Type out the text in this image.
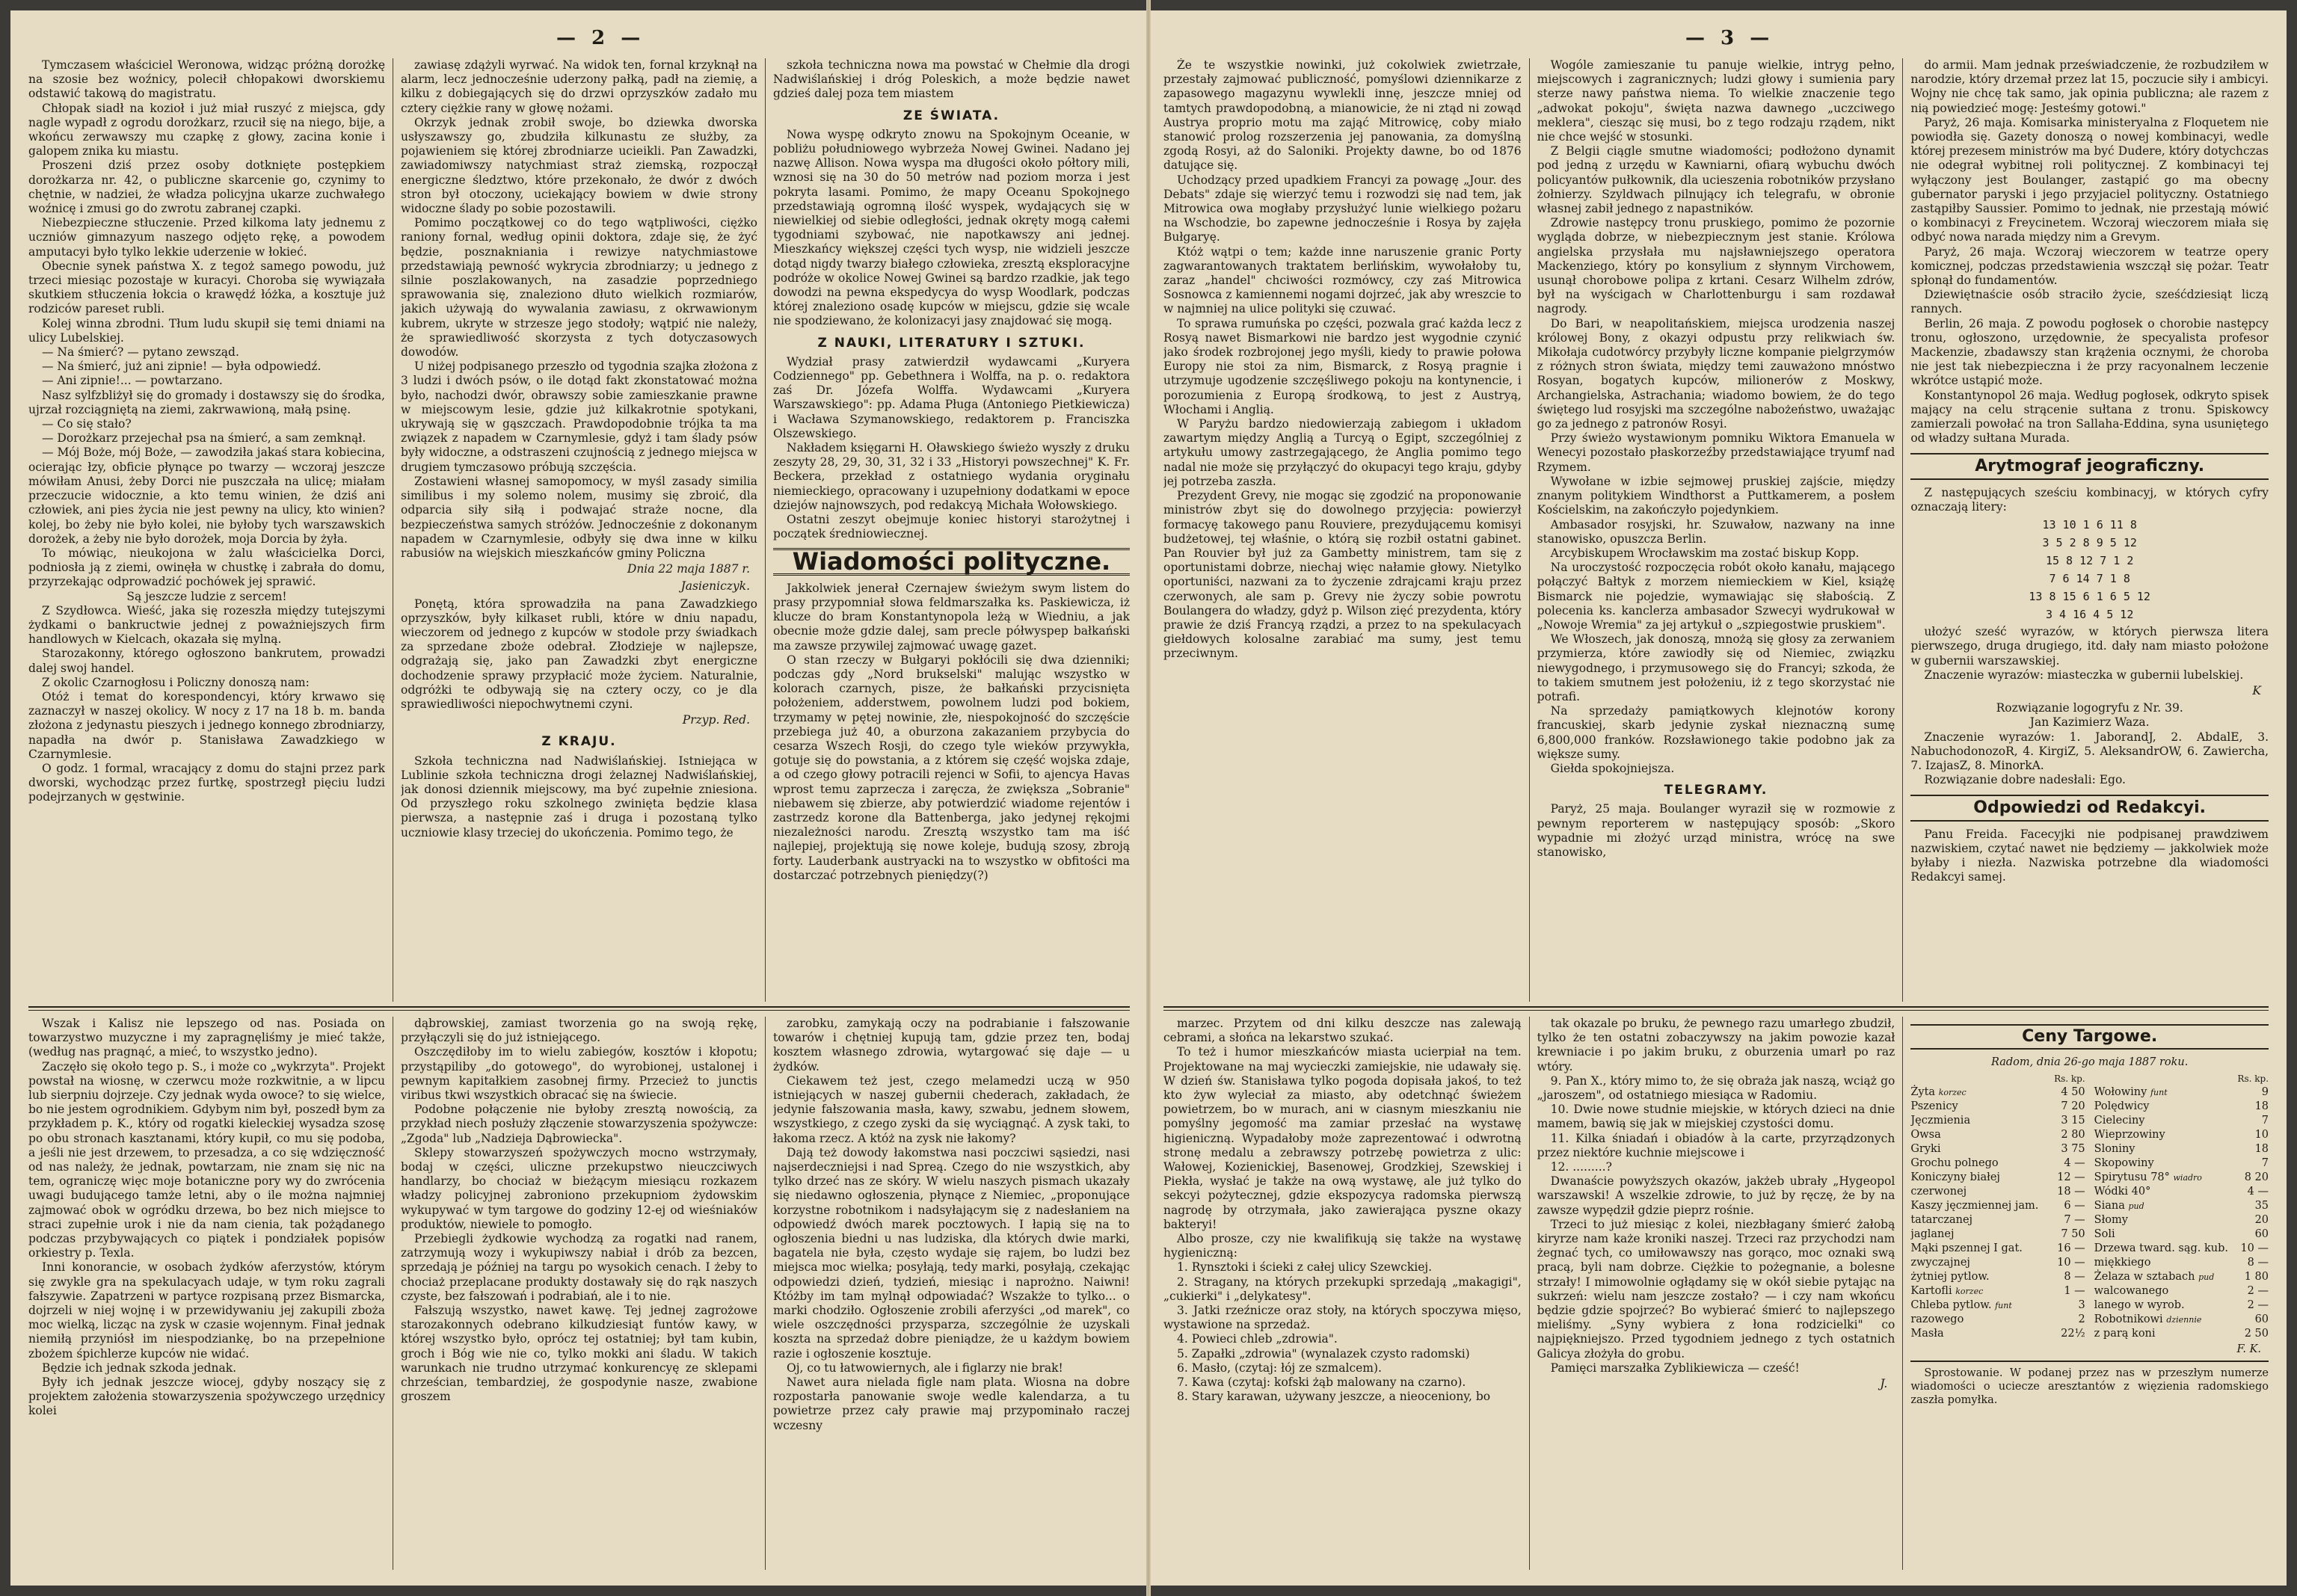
— 2 —

Tymczasem właściciel Weronowa, widząc próżną dorożkę na szosie bez woźnicy, polecił chłopakowi dworskiemu odstawić takową do magistratu.

Chłopak siadł na kozioł i już miał ruszyć z miejsca, gdy nagle wypadł z ogrodu dorożkarz, rzucił się na niego, bije, a wkońcu zerwawszy mu czapkę z głowy, zacina konie i galopem znika ku miastu.

Proszeni dziś przez osoby dotknięte postępkiem dorożkarza nr. 42, o publiczne skarcenie go, czynimy to chętnie, w nadziei, że władza policyjna ukarze zuchwałego woźnicę i zmusi go do zwrotu zabranej czapki.

Niebezpieczne stłuczenie. Przed kilkoma laty jednemu z uczniów gimnazyum naszego odjęto rękę, a powodem amputacyi było tylko lekkie uderzenie w łokieć.

Obecnie synek państwa X. z tegoż samego powodu, już trzeci miesiąc pozostaje w kuracyi. Choroba się wywiązała skutkiem stłuczenia łokcia o krawędź łóżka, a kosztuje już rodziców pareset rubli.

Kolej winna zbrodni. Tłum ludu skupił się temi dniami na ulicy Lubelskiej.

— Na śmierć? — pytano zewsząd.

— Na śmierć, już ani zipnie! — była odpowiedź.

— Ani zipnie!... — powtarzano.

Nasz sylfzbliżył się do gromady i dostawszy się do środka, ujrzał rozciągniętą na ziemi, zakrwawioną, małą psinę.

— Co się stało?

— Dorożkarz przejechał psa na śmierć, a sam zemknął.

— Mój Boże, mój Boże, — zawodziła jakaś stara kobiecina, ocierając łzy, obficie płynące po twarzy — wczoraj jeszcze mówiłam Anusi, żeby Dorci nie puszczała na ulicę; miałam przeczucie widocznie, a kto temu winien, że dziś ani człowiek, ani pies życia nie jest pewny na ulicy, kto winien? kolej, bo żeby nie było kolei, nie byłoby tych warszawskich dorożek, a żeby nie było dorożek, moja Dorcia by żyła.

To mówiąc, nieukojona w żalu właścicielka Dorci, podniosła ją z ziemi, owinęła w chustkę i zabrała do domu, przyrzekając odprowadzić pochówek jej sprawić.

Są jeszcze ludzie z sercem!

Z Szydłowca. Wieść, jaka się rozeszła między tutejszymi żydkami o bankructwie jednej z poważniejszych firm handlowych w Kielcach, okazała się mylną.

Starozakonny, którego ogłoszono bankrutem, prowadzi dalej swoj handel.

Z okolic Czarnogłosu i Policzny donoszą nam:

Otóż i temat do korespondencyi, który krwawo się zaznaczył w naszej okolicy. W nocy z 17 na 18 b. m. banda złożona z jedynastu pieszych i jednego konnego zbrodniarzy, napadła na dwór p. Stanisława Zawadzkiego w Czarnymlesie.

O godz. 1 formal, wracający z domu do stajni przez park dworski, wychodząc przez furtkę, spostrzegł pięciu ludzi podejrzanych w gęstwinie.

zawiasę zdążyli wyrwać. Na widok ten, fornal krzyknął na alarm, lecz jednocześnie uderzony pałką, padł na ziemię, a kilku z dobiegających się do drzwi oprzyszków zadało mu cztery ciężkie rany w głowę nożami.

Okrzyk jednak zrobił swoje, bo dziewka dworska usłyszawszy go, zbudziła kilkunastu ze służby, za pojawieniem się której zbrodniarze ucieikli. Pan Zawadzki, zawiadomiwszy natychmiast straż ziemską, rozpoczął energiczne śledztwo, które przekonało, że dwór z dwóch stron był otoczony, uciekający bowiem w dwie strony widoczne ślady po sobie pozostawili.

Pomimo początkowej co do tego wątpliwości, ciężko raniony fornal, według opinii doktora, zdaje się, że żyć będzie, posznakniania i rewizye natychmiastowe przedstawiają pewność wykrycia zbrodniarzy; u jednego z silnie poszlakowanych, na zasadzie poprzedniego sprawowania się, znaleziono dłuto wielkich rozmiarów, jakich używają do wywalania zawiasu, z okrwawionym kubrem, ukryte w strzesze jego stodoły; wątpić nie należy, że sprawiedliwość skorzysta z tych dotyczasowych dowodów.

U niżej podpisanego przeszło od tygodnia szajka złożona z 3 ludzi i dwóch psów, o ile dotąd fakt zkonstatować można było, nachodzi dwór, obrawszy sobie zamieszkanie prawne w miejscowym lesie, gdzie już kilkakrotnie spotykani, ukrywają się w gąszczach. Prawdopodobnie trójka ta ma związek z napadem w Czarnymlesie, gdyż i tam ślady psów były widoczne, a odstraszeni czujnością z jednego miejsca w drugiem tymczasowo próbują szczęścia.

Zostawieni własnej samopomocy, w myśl zasady similia similibus i my solemo nolem, musimy się zbroić, dla odparcia siły siłą i podwajać straże nocne, dla bezpieczeństwa samych stróżów. Jednocześnie z dokonanym napadem w Czarnymlesie, odbyły się dwa inne w kilku rabusiów na wiejskich mieszkańców gminy Policzna

Dnia 22 maja 1887 r.
Jasieniczyk.

Ponętą, która sprowadziła na pana Zawadzkiego oprzyszków, były kilkaset rubli, które w dniu napadu, wieczorem od jednego z kupców w stodole przy świadkach za sprzedane zboże odebrał. Złodzieje w najlepsze, odgrażają się, jako pan Zawadzki zbyt energiczne dochodzenie sprawy przypłacić może życiem. Naturalnie, odgróżki te odbywają się na cztery oczy, co je dla sprawiedliwości niepochwytnemi czyni.

Przyp. Red.
Z KRAJU.

Szkoła techniczna nad Nadwiślańskiej. Istniejąca w Lublinie szkoła techniczna drogi żelaznej Nadwiślańskiej, jak donosi dziennik miejscowy, ma być zupełnie zniesiona. Od przyszłego roku szkolnego zwinięta będzie klasa pierwsza, a następnie zaś i druga i pozostaną tylko uczniowie klasy trzeciej do ukończenia. Pomimo tego, że

szkoła techniczna nowa ma powstać w Chełmie dla drogi Nadwiślańskiej i dróg Poleskich, a może będzie nawet gdzieś dalej poza tem miastem

ZE ŚWIATA.

Nowa wyspę odkryto znowu na Spokojnym Oceanie, w pobliżu południowego wybrzeża Nowej Gwinei. Nadano jej nazwę Allison. Nowa wyspa ma długości około półtory mili, wznosi się na 30 do 50 metrów nad poziom morza i jest pokryta lasami. Pomimo, że mapy Oceanu Spokojnego przedstawiają ogromną ilość wyspek, wydających się w niewielkiej od siebie odległości, jednak okręty mogą całemi tygodniami szybować, nie napotkawszy ani jednej. Mieszkańcy większej części tych wysp, nie widzieli jeszcze dotąd nigdy twarzy białego człowieka, zresztą eksploracyjne podróże w okolice Nowej Gwinei są bardzo rzadkie, jak tego dowodzi na pewna ekspedycya do wysp Woodlark, podczas której znaleziono osadę kupców w miejscu, gdzie się wcale nie spodziewano, że kolonizacyi jasy znajdować się mogą.

Z NAUKI, LITERATURY I SZTUKI.

Wydział prasy zatwierdził wydawcami „Kuryera Codziennego" pp. Gebethnera i Wolffa, na p. o. redaktora zaś Dr. Józefa Wolffa. Wydawcami „Kuryera Warszawskiego": pp. Adama Pługa (Antoniego Pietkiewicza) i Wacława Szymanowskiego, redaktorem p. Franciszka Olszewskiego.

Nakładem księgarni H. Oławskiego świeżo wyszły z druku zeszyty 28, 29, 30, 31, 32 i 33 „Historyi powszechnej" K. Fr. Beckera, przekład z ostatniego wydania oryginału niemieckiego, opracowany i uzupełniony dodatkami w epoce dziejów najnowszych, pod redakcyą Michała Wołowskiego.

Ostatni zeszyt obejmuje koniec historyi starożytnej i początek średniowiecznej.

Wiadomości polityczne.

Jakkolwiek jenerał Czernajew świeżym swym listem do prasy przypomniał słowa feldmarszałka ks. Paskiewicza, iż klucze do bram Konstantynopola leżą w Wiedniu, a jak obecnie może gdzie dalej, sam precle półwyspep bałkański ma zawsze przywilej zajmować uwagę gazet.

O stan rzeczy w Bułgaryi pokłócili się dwa dzienniki; podczas gdy „Nord brukselski" malując wszystko w kolorach czarnych, pisze, że bałkański przycisnięta położeniem, adderstwem, powolnem ludzi pod bokiem, trzymamy w pętej nowinie, złe, niespokojność do szczęście przebiega już 40, a oburzona zakazaniem przybycia do cesarza Wszech Rosji, do czego tyle wieków przywykła, gotuje się do powstania, a z którem się część wojska zdaje, a od czego głowy potracili rejenci w Sofii, to ajencya Havas wprost temu zaprzecza i zaręcza, że zwiększa „Sobranie" niebawem się zbierze, aby potwierdzić wiadome rejentów i zastrzedz korone dla Battenberga, jako jedynej rękojmi niezależności narodu. Zresztą wszystko tam ma iść najlepiej, projektują się nowe koleje, budują szosy, zbroją forty. Lauderbank austryacki na to wszystko w obfitości ma dostarczać potrzebnych pieniędzy(?)

Wszak i Kalisz nie lepszego od nas. Posiada on towarzystwo muzyczne i my zapragnęliśmy je mieć także, (według nas pragnąć, a mieć, to wszystko jedno).

Zaczęło się około tego p. S., i może co „wykrzyta". Projekt powstał na wiosnę, w czerwcu może rozkwitnie, a w lipcu lub sierpniu dojrzeje. Czy jednak wyda owoce? to się wielce, bo nie jestem ogrodnikiem. Gdybym nim był, poszedł bym za przykładem p. K., który od rogatki kieleckiej wysadza szosę po obu stronach kasztanami, który kupił, co mu się podoba, a jeśli nie jest drzewem, to przesadza, a co się wdzięczność od nas należy, że jednak, powtarzam, nie znam się nic na tem, ograniczę więc moje botaniczne pory wy do zwrócenia uwagi budującego tamże letni, aby o ile można najmniej zajmować obok w ogródku drzewa, bo bez nich miejsce to straci zupełnie urok i nie da nam cienia, tak pożądanego podczas przybywających co piątek i pondziałek popisów orkiestry p. Texla.

Inni konorancie, w osobach żydków aferzystów, którym się zwykle gra na spekulacyach udaje, w tym roku zagrali fałszywie. Zapatrzeni w partyce rozpisaną przez Bismarcka, dojrzeli w niej wojnę i w przewidywaniu jej zakupili zboża moc wielką, licząc na zysk w czasie wojennym. Finał jednak niemiłą przyniósł im niespodziankę, bo na przepełnione zbożem śpichlerze kupców nie widać.

Będzie ich jednak szkoda jednak.

Były ich jednak jeszcze wiocej, gdyby noszący się z projektem założenia stowarzyszenia spożywczego urzędnicy kolei

dąbrowskiej, zamiast tworzenia go na swoją rękę, przyłączyli się do już istniejącego.

Oszczędiłoby im to wielu zabiegów, kosztów i kłopotu; przystąpiliby „do gotowego", do wyrobionej, ustalonej i pewnym kapitałkiem zasobnej firmy. Przecież to junctis viribus tkwi wszystkich obracać się na świecie.

Podobne połączenie nie byłoby zresztą nowością, za przykład niech posłuży złączenie stowarzyszenia spożywcze: „Zgoda" lub „Nadzieja Dąbrowiecka".

Sklepy stowarzyszeń spożywczych mocno wstrzymały, bodaj w części, uliczne przekupstwo nieuczciwych handlarzy, bo chociaż w bieżącym miesiącu rozkazem władzy policyjnej zabroniono przekupniom żydowskim wykupywać w tym targowe do godziny 12-ej od wieśniaków produktów, niewiele to pomogło.

Przebiegli żydkowie wychodzą za rogatki nad ranem, zatrzymują wozy i wykupiwszy nabiał i drób za bezcen, sprzedają je później na targu po wysokich cenach. I żeby to chociaż przeplacane produkty dostawały się do rąk naszych czyste, bez fałszowań i podrabiań, ale i to nie.

Fałszują wszystko, nawet kawę. Tej jednej zagrożowe starozakonnych odebrano kilkudziesiąt funtów kawy, w której wszystko było, oprócz tej ostatniej; był tam kubin, groch i Bóg wie nie co, tylko mokki ani śladu. W takich warunkach nie trudno utrzymać konkurencyę ze sklepami chrześcian, tembardziej, że gospodynie nasze, zwabione groszem

zarobku, zamykają oczy na podrabianie i fałszowanie towarów i chętniej kupują tam, gdzie przez ten, bodaj kosztem własnego zdrowia, wytargować się daje — u żydków.

Ciekawem też jest, czego melamedzi uczą w 950 istniejących w naszej gubernii chederach, zakładach, że jedynie fałszowania masła, kawy, szwabu, jednem słowem, wszystkiego, z czego zyski da się wyciągnąć. A zysk taki, to łakoma rzecz. A któż na zysk nie łakomy?

Dają też dowody łakomstwa nasi poczciwi sąsiedzi, nasi najserdeczniejsi i nad Spreą. Czego do nie wszystkich, aby tylko drzeć nas ze skóry. W wielu naszych pismach ukazały się niedawno ogłoszenia, płynące z Niemiec, „proponujące korzystne robotnikom i nadsyłającym się z nadesłaniem na odpowiedź dwóch marek pocztowych. I łapią się na to ogłoszenia biedni u nas ludziska, dla których dwie marki, bagatela nie była, często wydaje się rajem, bo ludzi bez miejsca moc wielka; posyłają, tedy marki, posyłają, czekając odpowiedzi dzień, tydzień, miesiąc i naprożno. Naiwni! Któżby im tam mylnął odpowiadać? Wszakże to tylko... o marki chodziło. Ogłoszenie zrobili aferzyści „od marek", co wiele oszczędności przysparza, szczególnie że uzyskali koszta na sprzedaż dobre pieniądze, że u każdym bowiem razie i ogłoszenie kosztuje.

Oj, co tu łatwowiernych, ale i figlarzy nie brak!

Nawet aura nielada figle nam plata. Wiosna na dobre rozpostarła panowanie swoje wedle kalendarza, a tu powietrze przez cały prawie maj przypominało raczej wczesny

— 3 —

Że te wszystkie nowinki, już cokolwiek zwietrzałe, przestały zajmować publiczność, pomyślowi dziennikarze z zapasowego magazynu wywlekli innę, jeszcze mniej od tamtych prawdopodobną, a mianowicie, że ni ztąd ni zowąd Austrya proprio motu ma zająć Mitrowicę, coby miało stanowić prolog rozszerzenia jej panowania, za domyślną zgodą Rosyi, aż do Saloniki. Projekty dawne, bo od 1876 datujące się.

Uchodzący przed upadkiem Francyi za powagę „Jour. des Debats" zdaje się wierzyć temu i rozwodzi się nad tem, jak Mitrowica owa mogłaby przysłużyć lunie wielkiego pożaru na Wschodzie, bo zapewne jednocześnie i Rosya by zajęła Bułgaryę.

Któż wątpi o tem; każde inne naruszenie granic Porty zagwarantowanych traktatem berlińskim, wywołałoby tu, zaraz „handel" chciwości rozmówcy, czy zaś Mitrowica Sosnowca z kamiennemi nogami dojrzeć, jak aby wreszcie to w najmniej na ulice polityki się czuwać.

To sprawa rumuńska po części, pozwala grać każda lecz z Rosyą nawet Bismarkowi nie bardzo jest wygodnie czynić jako środek rozbrojonej jego myśli, kiedy to prawie połowa Europy nie stoi za nim, Bismarck, z Rosyą pragnie i utrzymuje ugodzenie szczęśliwego pokoju na kontynencie, i porozumienia z Europą środkową, to jest z Austryą, Włochami i Anglią.

W Paryżu bardzo niedowierzają zabiegom i układom zawartym między Anglią a Turcyą o Egipt, szczególniej z artykułu umowy zastrzegającego, że Anglia pomimo tego nadal nie może się przyłączyć do okupacyi tego kraju, gdyby jej potrzeba zaszła.

Prezydent Grevy, nie mogąc się zgodzić na proponowanie ministrów zbyt się do dowolnego przyjęcia: powierzył formacyę takowego panu Rouviere, prezydującemu komisyi budżetowej, tej właśnie, o którą się rozbił ostatni gabinet. Pan Rouvier był już za Gambetty ministrem, tam się z oportunistami dobrze, niechaj więc nałamie głowy. Nietylko oportuniści, nazwani za to życzenie zdrajcami kraju przez czerwonych, ale sam p. Grevy nie życzy sobie powrotu Boulangera do władzy, gdyż p. Wilson zięć prezydenta, który prawie że dziś Francyą rządzi, a przez to na spekulacyach giełdowych kolosalne zarabiać ma sumy, jest temu przeciwnym.

Wogóle zamieszanie tu panuje wielkie, intryg pełno, miejscowych i zagranicznych; ludzi głowy i sumienia pary sterze nawy państwa niema. To wielkie znaczenie tego „adwokat pokoju", święta nazwa dawnego „uczciwego meklera", ciesząc się musi, bo z tego rodzaju rządem, nikt nie chce wejść w stosunki.

Z Belgii ciągle smutne wiadomości; podłożono dynamit pod jedną z urzędu w Kawniarni, ofiarą wybuchu dwóch policyantów pułkownik, dla ucieszenia robotników przysłano żołnierzy. Szyldwach pilnujący ich telegrafu, w obronie własnej zabił jednego z napastników.

Zdrowie następcy tronu pruskiego, pomimo że pozornie wygląda dobrze, w niebezpiecznym jest stanie. Królowa angielska przysłała mu najsławniejszego operatora Mackenziego, który po konsylium z słynnym Virchowem, usunął chorobowe polipa z krtani. Cesarz Wilhelm zdrów, był na wyścigach w Charlottenburgu i sam rozdawał nagrody.

Do Bari, w neapolitańskiem, miejsca urodzenia naszej królowej Bony, z okazyi odpustu przy relikwiach św. Mikołaja cudotwórcy przybyły liczne kompanie pielgrzymów z różnych stron świata, między temi zauważono mnóstwo Rosyan, bogatych kupców, milionerów z Moskwy, Archangielska, Astrachania; wiadomo bowiem, że do tego świętego lud rosyjski ma szczególne nabożeństwo, uważając go za jednego z patronów Rosyi.

Przy świeżo wystawionym pomniku Wiktora Emanuela w Wenecyi pozostało płaskorzeźby przedstawiające tryumf nad Rzymem.

Wywołane w izbie sejmowej pruskiej zajście, między znanym politykiem Windthorst a Puttkamerem, a posłem Kościelskim, na zakończyło pojedynkiem.

Ambasador rosyjski, hr. Szuwałow, nazwany na inne stanowisko, opuszcza Berlin.

Arcybiskupem Wrocławskim ma zostać biskup Kopp.

Na uroczystość rozpoczęcia robót około kanału, mającego połączyć Bałtyk z morzem niemieckiem w Kiel, książę Bismarck nie pojedzie, wymawiając się słabością. Z polecenia ks. kanclerza ambasador Szwecyi wydrukował w „Nowoje Wremia" za jej artykuł o „szpiegostwie pruskiem".

We Włoszech, jak donoszą, mnożą się głosy za zerwaniem przymierza, które zawiodły się od Niemiec, związku niewygodnego, i przymusowego się do Francyi; szkoda, że to takiem smutnem jest położeniu, iż z tego skorzystać nie potrafi.

Na sprzedaży pamiątkowych klejnotów korony francuskiej, skarb jedynie zyskał nieznaczną sumę 6,800,000 franków. Rozsławionego takie podobno jak za większe sumy.

Giełda spokojniejsza.

TELEGRAMY.

Paryż, 25 maja. Boulanger wyraził się w rozmowie z pewnym reporterem w następujący sposób: „Skoro wypadnie mi złożyć urząd ministra, wrócę na swe stanowisko,

do armii. Mam jednak przeświadczenie, że rozbudziłem w narodzie, który drzemał przez lat 15, poczucie siły i ambicyi. Wojny nie chcę tak samo, jak opinia publiczna; ale razem z nią powiedzieć mogę: Jesteśmy gotowi."

Paryż, 26 maja. Komisarka ministeryalna z Floquetem nie powiodła się. Gazety donoszą o nowej kombinacyi, wedle której prezesem ministrów ma być Dudere, który dotychczas nie odegrał wybitnej roli politycznej. Z kombinacyi tej wyłączony jest Boulanger, zastąpić go ma obecny gubernator paryski i jego przyjaciel polityczny. Ostatniego zastąpiłby Saussier. Pomimo to jednak, nie przestają mówić o kombinacyi z Freycinetem. Wczoraj wieczorem miała się odbyć nowa narada między nim a Grevym.

Paryż, 26 maja. Wczoraj wieczorem w teatrze opery komicznej, podczas przedstawienia wszczął się pożar. Teatr spłonął do fundamentów.

Dziewiętnaście osób straciło życie, sześćdziesiąt liczą rannych.

Berlin, 26 maja. Z powodu pogłosek o chorobie następcy tronu, ogłoszono, urzędownie, że specyalista profesor Mackenzie, zbadawszy stan krążenia ocznymi, że choroba nie jest tak niebezpieczna i że przy racyonalnem leczenie wkrótce ustąpić może.

Konstantynopol 26 maja. Według pogłosek, odkryto spisek mający na celu strącenie sułtana z tronu. Spiskowcy zamierzali powołać na tron Sallaha-Eddina, syna usuniętego od władzy sułtana Murada.

Arytmograf jeograficzny.

Z następujących sześciu kombinacyj, w których cyfry oznaczają litery:

13 10 1 6 11 8
3 5 2 8 9 5 12
15 8 12 7 1 2
7 6 14 7 1 8
13 8 15 6 1 6 5 12
3 4 16 4 5 12

ułożyć sześć wyrazów, w których pierwsza litera pierwszego, druga drugiego, itd. dały nam miasto położone w gubernii warszawskiej.

Znaczenie wyrazów: miasteczka w gubernii lubelskiej.

K
Rozwiązanie logogryfu z Nr. 39.
Jan Kazimierz Waza.

Znaczenie wyrazów: 1. JaborandJ, 2. AbdalE, 3. NabuchodonozoR, 4. KirgiZ, 5. AleksandrOW, 6. Zawiercha, 7. IzajasZ, 8. MinorkA.

Rozwiązanie dobre nadesłali: Ego.

Odpowiedzi od Redakcyi.

Panu Freida. Facecyjki nie podpisanej prawdziwem nazwiskiem, czytać nawet nie będziemy — jakkolwiek może byłaby i niezła. Nazwiska potrzebne dla wiadomości Redakcyi samej.

marzec. Przytem od dni kilku deszcze nas zalewają cebrami, a słońca na lekarstwo szukać.

To też i humor mieszkańców miasta ucierpiał na tem. Projektowane na maj wycieczki zamiejskie, nie udawały się. W dzień św. Stanisława tylko pogoda dopisała jakoś, to też kto żyw wyleciał za miasto, aby odetchnąć świeżem powietrzem, bo w murach, ani w ciasnym mieszkaniu nie pomyślny jegomość ma zamiar przesłać na wystawę higieniczną. Wypadałoby może zaprezentować i odwrotną stronę medalu a zebrawszy potrzebę powietrza z ulic: Wałowej, Kozienickiej, Basenowej, Grodzkiej, Szewskiej i Piekła, wysłać je także na ową wystawę, ale już tylko do sekcyi pożytecznej, gdzie ekspozycya radomska pierwszą nagrodę by otrzymała, jako zawierająca pyszne okazy bakteryi!

Albo prosze, czy nie kwalifikują się także na wystawę hygieniczną:

1. Rynsztoki i ścieki z całej ulicy Szewckiej.

2. Stragany, na których przekupki sprzedają „makagigi", „cukierki" i „delykatesy".

3. Jatki rzeźnicze oraz stoły, na których spoczywa mięso, wystawione na sprzedaż.

4. Powieci chleb „zdrowia".

5. Zapałki „zdrowia" (wynalazek czysto radomski)

6. Masło, (czytaj: łój ze szmalcem).

7. Kawa (czytaj: kofski żąb malowany na czarno).

8. Stary karawan, używany jeszcze, a nieoceniony, bo

tak okazale po bruku, że pewnego razu umarłego zbudził, tylko że ten ostatni zobaczywszy na jakim powozie kazał krewniacie i po jakim bruku, z oburzenia umarł po raz wtóry.

9. Pan X., który mimo to, że się obraża jak naszą, wciąż go „jaroszem", od ostatniego miesiąca w Radomiu.

10. Dwie nowe studnie miejskie, w których dzieci na dnie mamem, bawią się jak w miejskiej czystości domu.

11. Kilka śniadań i obiadów à la carte, przyrządzonych przez niektóre kuchnie miejscowe i

12. .........?

Dwanaście powyższych okazów, jakżeb ubrały „Hygeopol warszawski! A wszelkie zdrowie, to już by ręczę, że by na zawsze wypędził gdzie pieprz rośnie.

Trzeci to już miesiąc z kolei, niezbłagany śmierć żałobą kiryrze nam każe kroniki naszej. Trzeci raz przychodzi nam żegnać tych, co umiłowawszy nas gorąco, moc oznaki swą pracą, byli nam dobrze. Ciężkie to pożegnanie, a bolesne strzały! I mimowolnie ogłądamy się w okół siebie pytając na sukrzeń: wielu nam jeszcze zostało? — i czy nam wkońcu będzie gdzie spojrzeć? Bo wybierać śmierć to najlepszego mieliśmy. „Syny wybiera z łona rodzicielki" co najpiękniejszo. Przed tygodniem jednego z tych ostatnich Galicya złożyła do grobu.

Pamięci marszałka Zyblikiewicza — cześć!

J.
Ceny Targowe.
Radom, dnia 26-go maja 1887 roku.
Rs. kp.
Żyta korzec	4 50
Pszenicy	7 20
Jęczmienia	3 15
Owsa	2 80
Gryki	3 75
Grochu polnego	4 —
Koniczyny białej	12 —
czerwonej	18 —
Kaszy jęczmiennej jam. 6 —
tatarczanej	7 —
jaglanej	7 50
Mąki pszennej I gat.	16 —
zwyczajnej	10 —
żytniej pytlow.	8 —
Kartofli korzec	1 —
Chleba pytlow. funt	3
razowego	2
Masła	22½
Rs. kp.
Wołowiny funt	9
Polędwicy	18
Cieleciny	7
Wieprzowiny	10
Sloniny	18
Skopowiny	7
Spirytusu 78° wiadro	8 20
Wódki 40°	4 —
Siana pud	35
Słomy	20
Soli	60
Drzewa tward. sąg. kub. 10 —
miękkiego	8 —
Żelaza w sztabach pud	1 80
walcowanego	2 —
lanego w wyrob.	2 —
Robotnikowi dziennie	60
z parą koni	2 50
F. K.

Sprostowanie. W podanej przez nas w przeszłym numerze wiadomości o uciecze aresztantów z więzienia radomskiego zaszła pomyłka.
